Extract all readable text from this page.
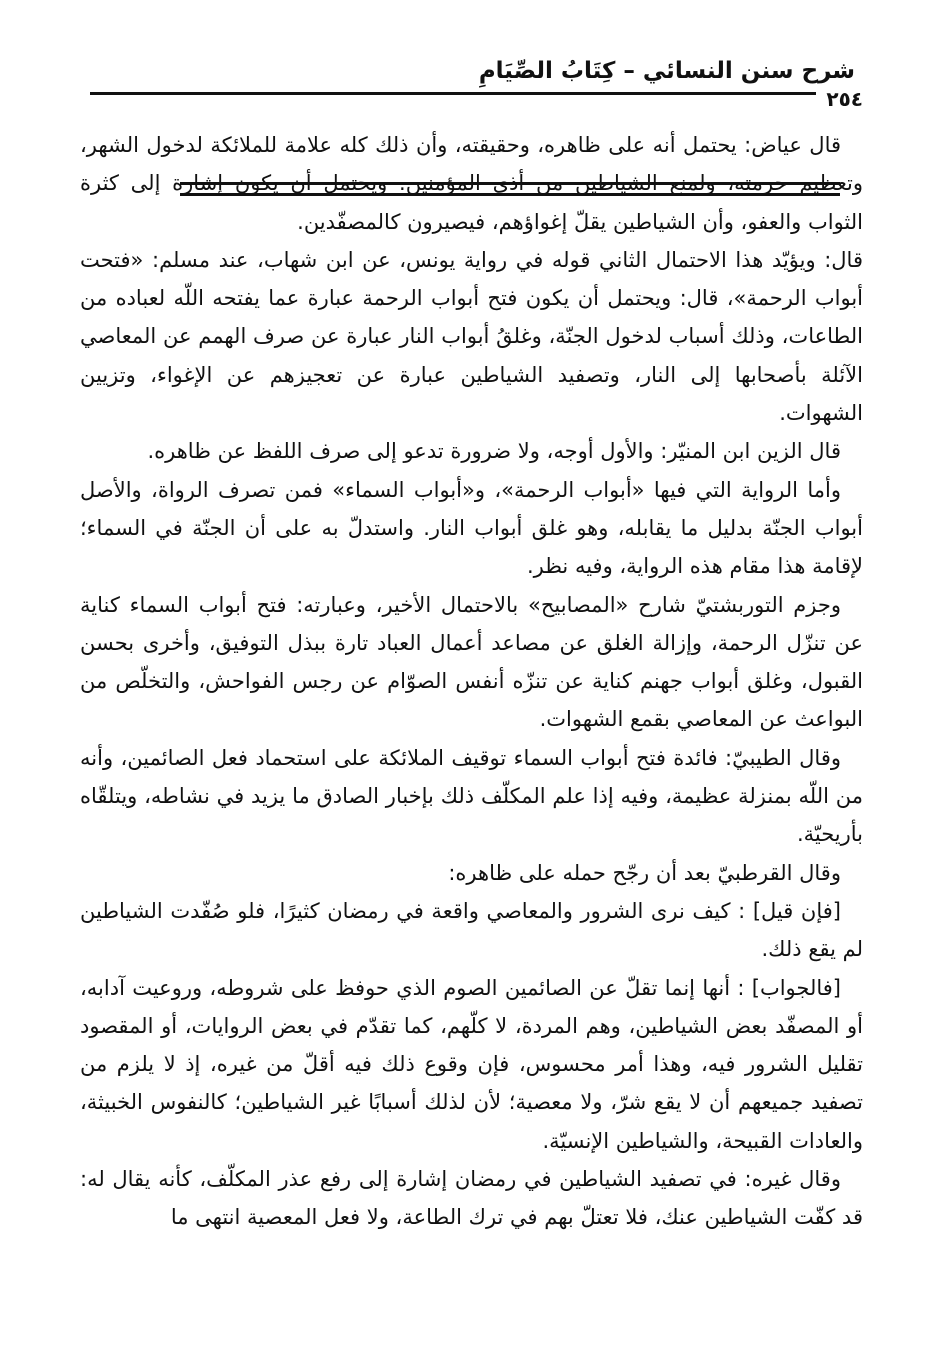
شرح سنن النسائي – كِتَابُ الصِّيَامِ
٢٥٤

قال عياض: يحتمل أنه على ظاهره، وحقيقته، وأن ذلك كله علامة للملائكة لدخول الشهر، وتعظيم حرمته، ولمنع الشياطين من أذى المؤمنين. ويحتمل أن يكون إشارة إلى كثرة الثواب والعفو، وأن الشياطين يقلّ إغواؤهم، فيصيرون كالمصفّدين.

قال: ويؤيّد هذا الاحتمال الثاني قوله في رواية يونس، عن ابن شهاب، عند مسلم: «فتحت أبواب الرحمة»، قال: ويحتمل أن يكون فتح أبواب الرحمة عبارة عما يفتحه اللّه لعباده من الطاعات، وذلك أسباب لدخول الجنّة، وغلقُ أبواب النار عبارة عن صرف الهمم عن المعاصي الآئلة بأصحابها إلى النار، وتصفيد الشياطين عبارة عن تعجيزهم عن الإغواء، وتزيين الشهوات.

قال الزين ابن المنيّر: والأول أوجه، ولا ضرورة تدعو إلى صرف اللفظ عن ظاهره.

وأما الرواية التي فيها «أبواب الرحمة»، و«أبواب السماء» فمن تصرف الرواة، والأصل أبواب الجنّة بدليل ما يقابله، وهو غلق أبواب النار. واستدلّ به على أن الجنّة في السماء؛ لإقامة هذا مقام هذه الرواية، وفيه نظر.

وجزم التوربشتيّ شارح «المصابيح» بالاحتمال الأخير، وعبارته: فتح أبواب السماء كناية عن تنزّل الرحمة، وإزالة الغلق عن مصاعد أعمال العباد تارة ببذل التوفيق، وأخرى بحسن القبول، وغلق أبواب جهنم كناية عن تنزّه أنفس الصوّام عن رجس الفواحش، والتخلّص من البواعث عن المعاصي بقمع الشهوات.

وقال الطيبيّ: فائدة فتح أبواب السماء توقيف الملائكة على استحماد فعل الصائمين، وأنه من اللّه بمنزلة عظيمة، وفيه إذا علم المكلّف ذلك بإخبار الصادق ما يزيد في نشاطه، ويتلقّاه بأريحيّة.

وقال القرطبيّ بعد أن رجّح حمله على ظاهره:

[فإن قيل] : كيف نرى الشرور والمعاصي واقعة في رمضان كثيرًا، فلو صُفّدت الشياطين لم يقع ذلك.

[فالجواب] : أنها إنما تقلّ عن الصائمين الصوم الذي حوفظ على شروطه، وروعيت آدابه، أو المصفّد بعض الشياطين، وهم المردة، لا كلّهم، كما تقدّم في بعض الروايات، أو المقصود تقليل الشرور فيه، وهذا أمر محسوس، فإن وقوع ذلك فيه أقلّ من غيره، إذ لا يلزم من تصفيد جميعهم أن لا يقع شرّ، ولا معصية؛ لأن لذلك أسبابًا غير الشياطين؛ كالنفوس الخبيثة، والعادات القبيحة، والشياطين الإنسيّة.

وقال غيره: في تصفيد الشياطين في رمضان إشارة إلى رفع عذر المكلّف، كأنه يقال له: قد كفّت الشياطين عنك، فلا تعتلّ بهم في ترك الطاعة، ولا فعل المعصية انتهى ما
